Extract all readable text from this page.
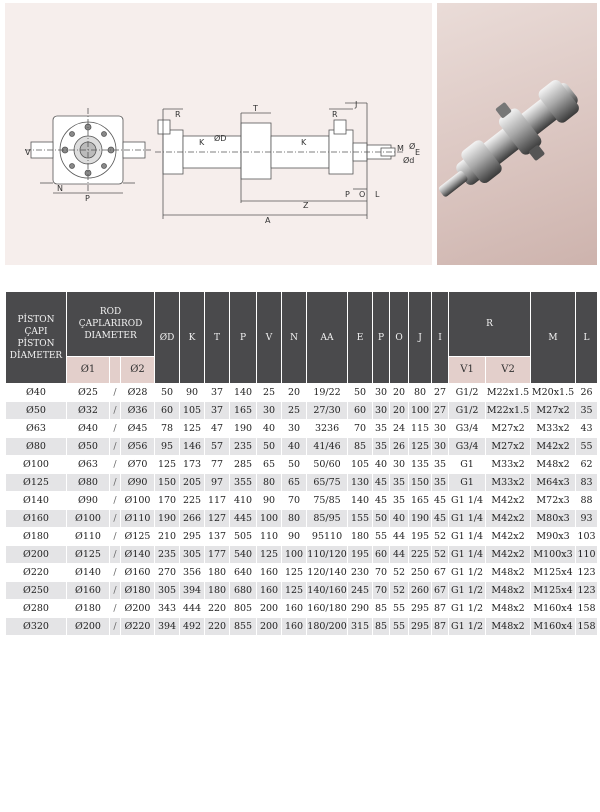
A
Z
N
P
V
R	R
T	J
K	K
ØD
E
O L
M
Ød
P
Ø
PİSTON ÇAPI PİSTON DİAMETER	ROD ÇAPLARIROD DIAMETER			ØD	K	T	P	V	N	AA	E	P	O	J	I	R		M	L
	Ø1		Ø2													V1	V2		
Ø40	Ø25	/	Ø28	50	90	37	140	25	20	19/22	50	30	20	80	27	G1/2	M22x1.5	M20x1.5	26
Ø50	Ø32	/	Ø36	60	105	37	165	30	25	27/30	60	30	20	100	27	G1/2	M22x1.5	M27x2	35
Ø63	Ø40	/	Ø45	78	125	47	190	40	30	3236	70	35	24	115	30	G3/4	M27x2	M33x2	43
Ø80	Ø50	/	Ø56	95	146	57	235	50	40	41/46	85	35	26	125	30	G3/4	M27x2	M42x2	55
Ø100	Ø63	/	Ø70	125	173	77	285	65	50	50/60	105	40	30	135	35	G1	M33x2	M48x2	62
Ø125	Ø80	/	Ø90	150	205	97	355	80	65	65/75	130	45	35	150	35	G1	M33x2	M64x3	83
Ø140	Ø90	/	Ø100	170	225	117	410	90	70	75/85	140	45	35	165	45	G1 1/4	M42x2	M72x3	88
Ø160	Ø100	/	Ø110	190	266	127	445	100	80	85/95	155	50	40	190	45	G1 1/4	M42x2	M80x3	93
Ø180	Ø110	/	Ø125	210	295	137	505	110	90	95110	180	55	44	195	52	G1 1/4	M42x2	M90x3	103
Ø200	Ø125	/	Ø140	235	305	177	540	125	100	110/120	195	60	44	225	52	G1 1/4	M42x2	M100x3	110
Ø220	Ø140	/	Ø160	270	356	180	640	160	125	120/140	230	70	52	250	67	G1 1/2	M48x2	M125x4	123
Ø250	Ø160	/	Ø180	305	394	180	680	160	125	140/160	245	70	52	260	67	G1 1/2	M48x2	M125x4	123
Ø280	Ø180	/	Ø200	343	444	220	805	200	160	160/180	290	85	55	295	87	G1 1/2	M48x2	M160x4	158
Ø320	Ø200	/	Ø220	394	492	220	855	200	160	180/200	315	85	55	295	87	G1 1/2	M48x2	M160x4	158
